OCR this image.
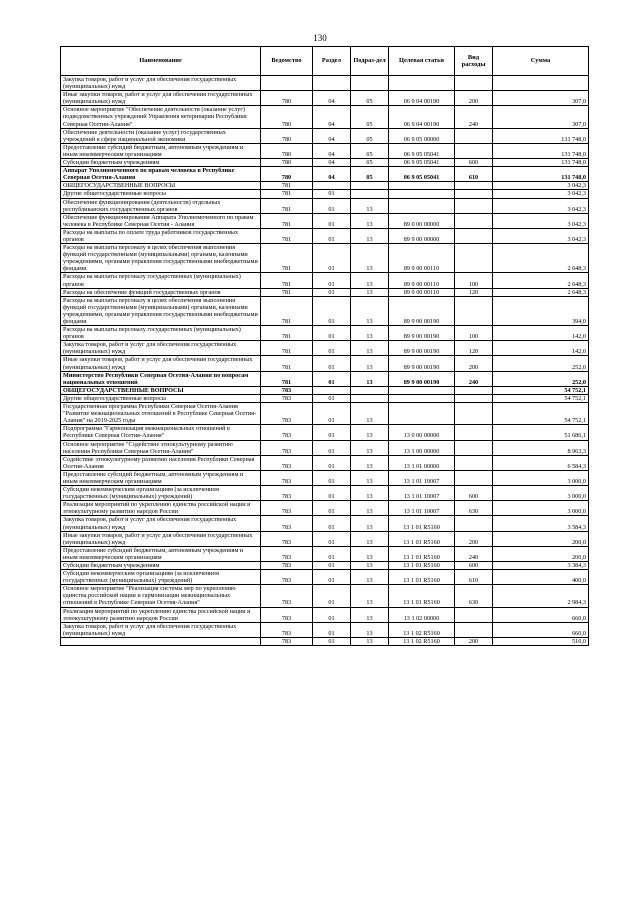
130
Наименование	Ведомство	Раздел	Подраз-дел	Целевая статья	Вид расходы	Сумма
Закупка товаров, работ и услуг для обеспечения государственных (муниципальных) нужд						
Иные закупки товаров, работ и услуг для обеспечения государственных (муниципальных) нужд	780	04	05	06 9 04 00190	200	307,0
Основное мероприятие "Обеспечение деятельности (оказание услуг) подведомственных учреждений Управления ветеринарии Республики Северная Осетия-Алания"	780	04	05	06 9 04 00190	240	307,0
Обеспечение деятельности (оказание услуг) государственных учреждений в сфере национальной экономики	780	04	05	06 9 05 00000		131 748,0
Предоставление субсидий бюджетным, автономным учреждениям и иным некоммерческим организациям	780	04	05	06 9 05 05041		131 748,0
Субсидии бюджетным учреждениям	780	04	05	06 9 05 05041	600	131 748,0
Аппарат Уполномоченного по правам человека в Республике Северная Осетия-Алания	780	04	05	06 9 05 05041	610	131 748,0
ОБЩЕГОСУДАРСТВЕННЫЕ ВОПРОСЫ	781					3 042,3
Другие общегосударственные вопросы	781	01				3 042,3
Обеспечение функционирования (деятельности) отдельных республиканских государственных органов	781	01	13			3 042,3
Обеспечение функционирования Аппарата Уполномоченного по правам человека в Республике Северная Осетия - Алания	781	01	13	89 0 00 00000		3 042,3
Расходы на выплаты по оплате труда работников государственных органов	781	01	13	89 9 00 00000		3 042,3
Расходы на выплаты персоналу в целях обеспечения выполнения функций государственными (муниципальными) органами, казенными учреждениями, органами управления государственными внебюджетными фондами	781	01	13	89 9 00 00110		2 648,3
Расходы на выплаты персоналу государственных (муниципальных) органов	781	01	13	89 9 00 00110	100	2 648,3
Расходы на обеспечение функций государственных органов	781	01	13	89 9 00 00110	120	2 648,3
Расходы на выплаты персоналу в целях обеспечения выполнения функций государственными (муниципальными) органами, казенными учреждениями, органами управления государственными внебюджетными фондами	781	01	13	89 9 00 00190		394,0
Расходы на выплаты персоналу государственных (муниципальных) органов	781	01	13	89 9 00 00190	100	142,0
Закупка товаров, работ и услуг для обеспечения государственных (муниципальных) нужд	781	01	13	89 9 00 00190	120	142,0
Иные закупки товаров, работ и услуг для обеспечения государственных (муниципальных) нужд	781	01	13	89 9 00 00190	200	252,0
Министерство Республики Северная Осетия-Алания по вопросам национальных отношений	781	01	13	89 9 00 00190	240	252,0
ОБЩЕГОСУДАРСТВЕННЫЕ ВОПРОСЫ	783					54 752,1
Другие общегосударственные вопросы	783	01				54 752,1
Государственная программа Республики Северная Осетия-Алания "Развитие межнациональных отношений в Республике Северная Осетия-Алания" на 2019-2025 годы	783	01	13			54 752,1
Подпрограмма "Гармонизация межнациональных отношений в Республике Северная Осетия-Алания"	783	01	13	13 0 00 00000		51 686,1
Основное мероприятие "Содействие этнокультурному развитию населения Республики Северная Осетия-Алания"	783	01	13	13 1 00 00000		8 963,3
Содействие этнокультурному развитию населения Республики Северная Осетия-Алания	783	01	13	13 1 01 00000		6 584,3
Предоставление субсидий бюджетным, автономным учреждениям и иным некоммерческим организациям	783	01	13	13 1 01 10007		3 000,0
Субсидии некоммерческим организациям (за исключением государственных (муниципальных) учреждений)	783	01	13	13 1 01 10007	600	3 000,0
Реализация мероприятий по укреплению единства российской нации и этнокультурному развитию народов России	783	01	13	13 1 01 10007	630	3 000,0
Закупка товаров, работ и услуг для обеспечения государственных (муниципальных) нужд	783	01	13	13 1 01 R5160		3 584,3
Иные закупки товаров, работ и услуг для обеспечения государственных (муниципальных) нужд	783	01	13	13 1 01 R5160	200	200,0
Предоставление субсидий бюджетным, автономным учреждениям и иным некоммерческим организациям	783	01	13	13 1 01 R5160	240	200,0
Субсидии бюджетным учреждениям	783	01	13	13 1 01 R5160	600	3 384,3
Субсидии некоммерческим организациям (за исключением государственных (муниципальных) учреждений)	783	01	13	13 1 01 R5160	610	400,0
Основное мероприятие "Реализация системы мер по укреплению единства российской нации и гармонизации межнациональных отношений в Республике Северная Осетия-Алания"	783	01	13	13 1 01 R5160	630	2 984,3
Реализация мероприятий по укреплению единства российской нации и этнокультурному развитию народов России	783	01	13	13 1 02 00000		660,0
Закупка товаров, работ и услуг для обеспечения государственных (муниципальных) нужд	783	01	13	13 1 02 R5160		660,0
	783	01	13	13 1 02 R5160	200	510,0
